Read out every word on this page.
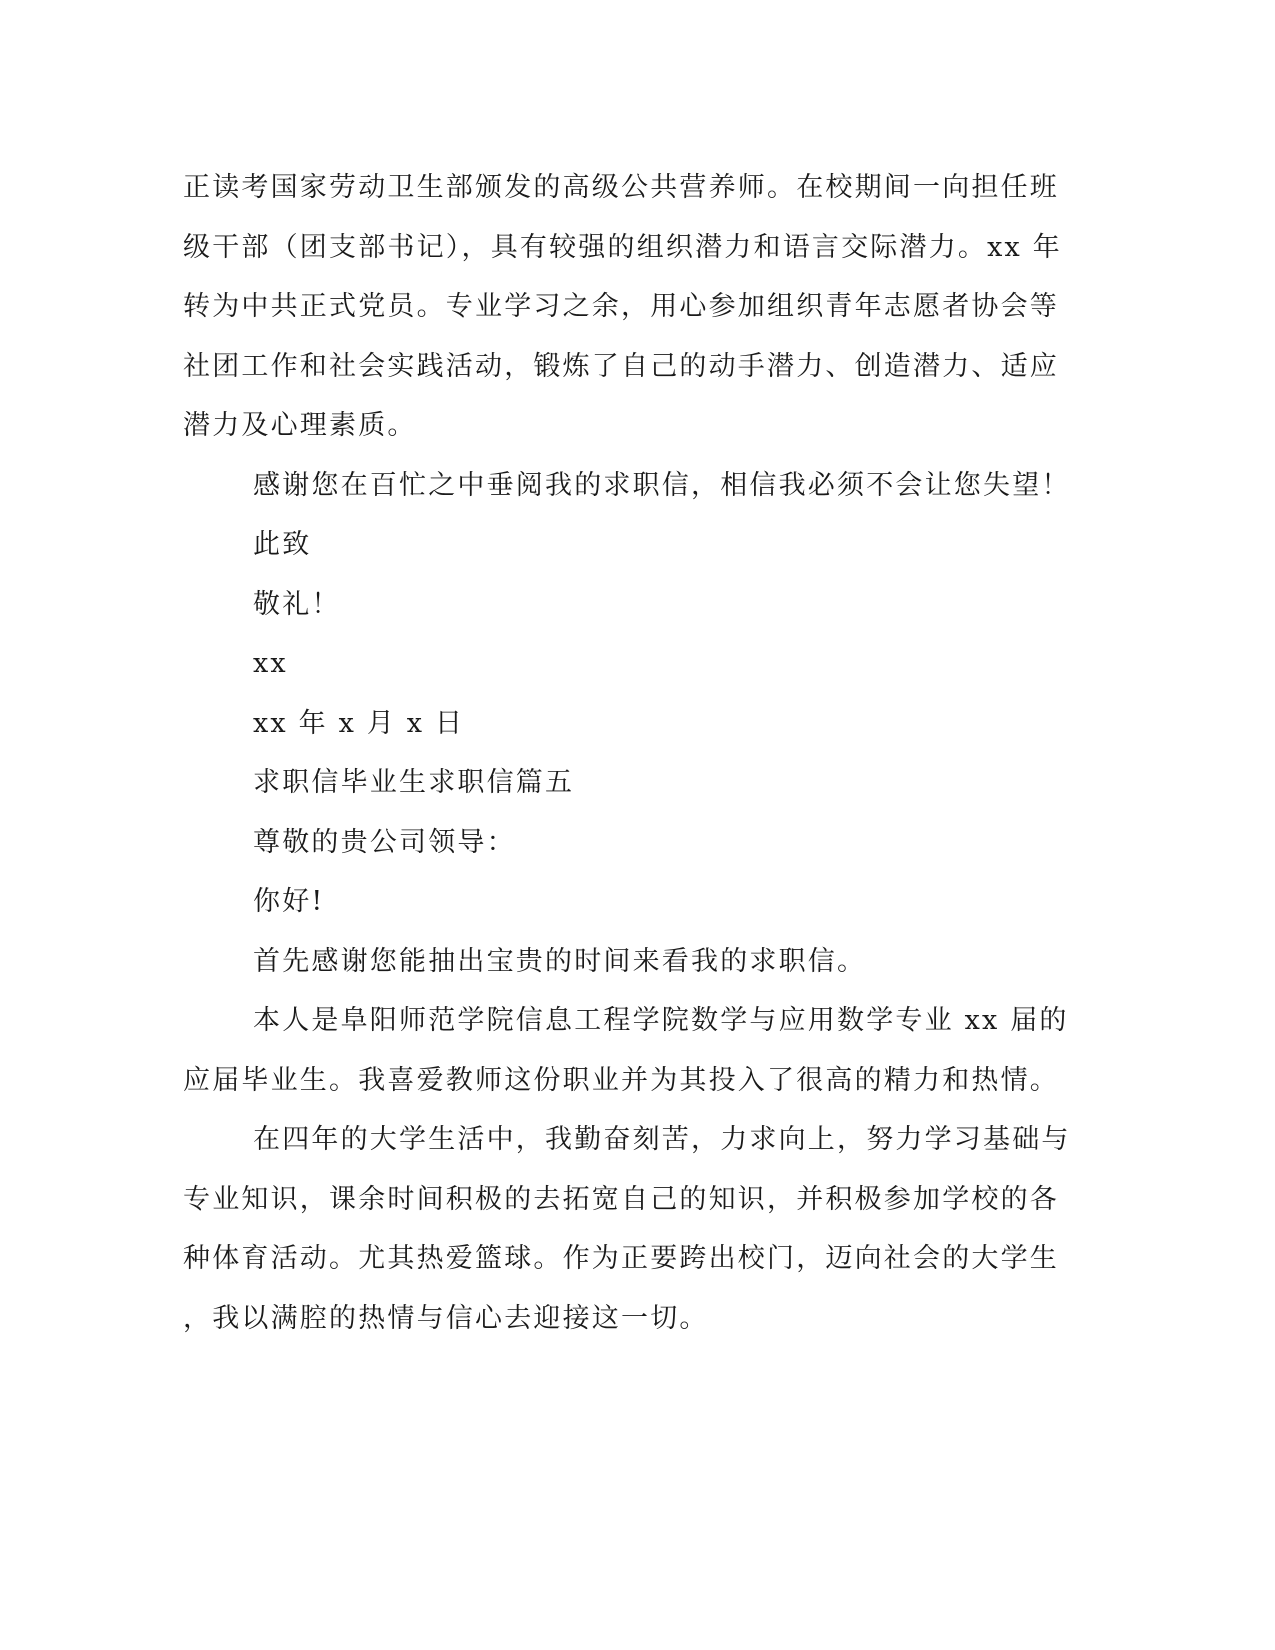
正读考国家劳动卫生部颁发的高级公共营养师。在校期间一向担任班
级干部（团支部书记），具有较强的组织潜力和语言交际潜力。xx 年
转为中共正式党员。专业学习之余，用心参加组织青年志愿者协会等
社团工作和社会实践活动，锻炼了自己的动手潜力、创造潜力、适应
潜力及心理素质。
感谢您在百忙之中垂阅我的求职信，相信我必须不会让您失望！
此致
敬礼！
xx
xx 年 x 月 x 日
求职信毕业生求职信篇五
尊敬的贵公司领导：
你好!
首先感谢您能抽出宝贵的时间来看我的求职信。
本人是阜阳师范学院信息工程学院数学与应用数学专业 xx 届的
应届毕业生。我喜爱教师这份职业并为其投入了很高的精力和热情。
在四年的大学生活中，我勤奋刻苦，力求向上，努力学习基础与
专业知识，课余时间积极的去拓宽自己的知识，并积极参加学校的各
种体育活动。尤其热爱篮球。作为正要跨出校门，迈向社会的大学生
，我以满腔的热情与信心去迎接这一切。
